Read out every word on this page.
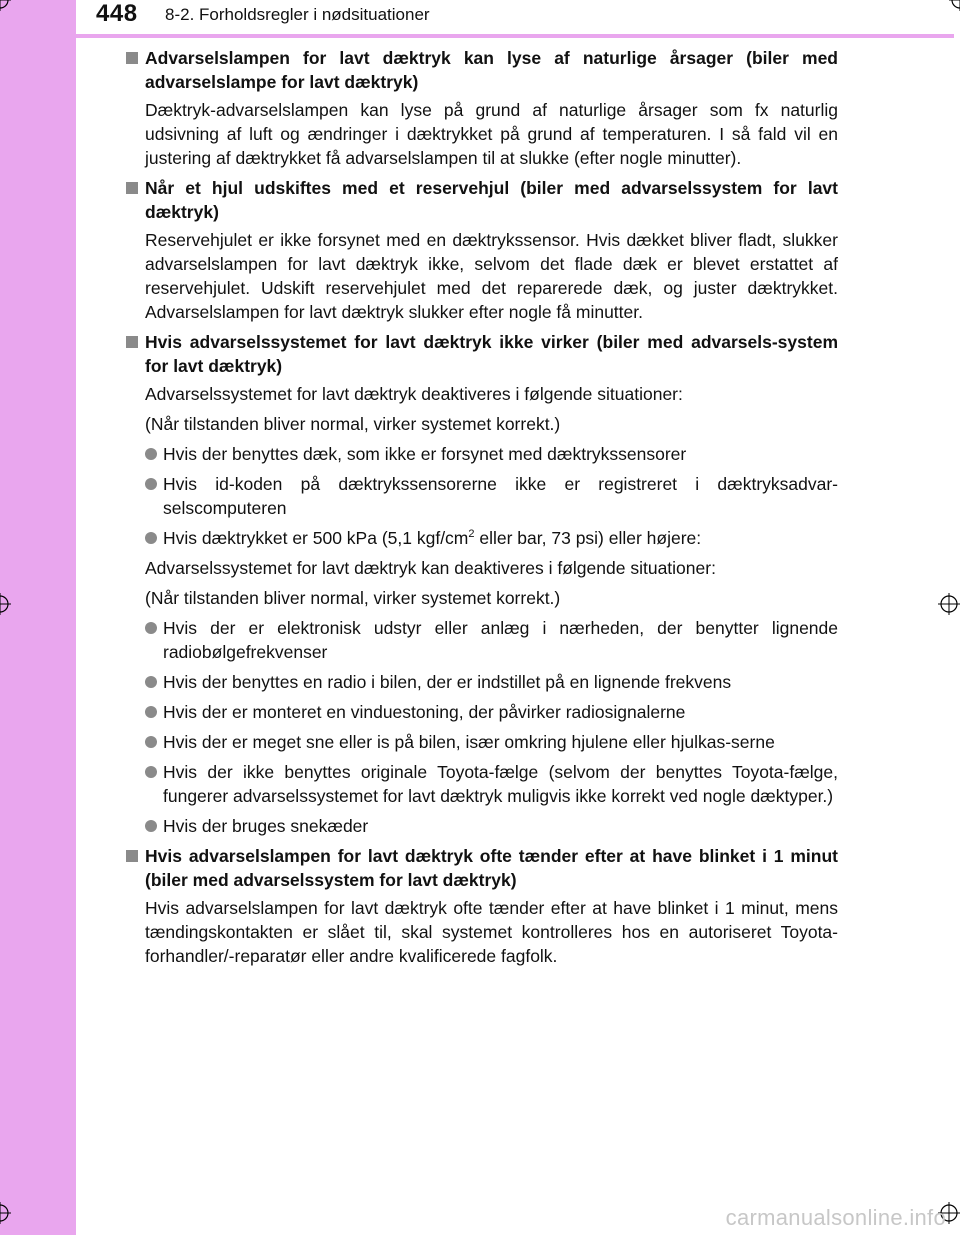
448 8-2. Forholdsregler i nødsituationer
Advarselslampen for lavt dæktryk kan lyse af naturlige årsager (biler med advarselslampe for lavt dæktryk)
Dæktryk-advarselslampen kan lyse på grund af naturlige årsager som fx naturlig udsivning af luft og ændringer i dæktrykket på grund af temperaturen. I så fald vil en justering af dæktrykket få advarselslampen til at slukke (efter nogle minutter).
Når et hjul udskiftes med et reservehjul (biler med advarselssystem for lavt dæktryk)
Reservehjulet er ikke forsynet med en dæktrykssensor. Hvis dækket bliver fladt, slukker advarselslampen for lavt dæktryk ikke, selvom det flade dæk er blevet erstattet af reservehjulet. Udskift reservehjulet med det reparerede dæk, og juster dæktrykket. Advarselslampen for lavt dæktryk slukker efter nogle få minutter.
Hvis advarselssystemet for lavt dæktryk ikke virker (biler med advarsels-system for lavt dæktryk)
Advarselssystemet for lavt dæktryk deaktiveres i følgende situationer:
(Når tilstanden bliver normal, virker systemet korrekt.)
Hvis der benyttes dæk, som ikke er forsynet med dæktrykssensorer
Hvis id-koden på dæktrykssensorerne ikke er registreret i dæktryksadvar-selscomputeren
Hvis dæktrykket er 500 kPa (5,1 kgf/$cm^2$ eller bar, 73 psi) eller højere:
Advarselssystemet for lavt dæktryk kan deaktiveres i følgende situationer:
(Når tilstanden bliver normal, virker systemet korrekt.)
Hvis der er elektronisk udstyr eller anlæg i nærheden, der benytter lignende radiobølgefrekvenser
Hvis der benyttes en radio i bilen, der er indstillet på en lignende frekvens
Hvis der er monteret en vinduestoning, der påvirker radiosignalerne
Hvis der er meget sne eller is på bilen, især omkring hjulene eller hjulkas-serne
Hvis der ikke benyttes originale Toyota-fælge (selvom der benyttes Toyota-fælge, fungerer advarselssystemet for lavt dæktryk muligvis ikke korrekt ved nogle dæktyper.)
Hvis der bruges snekæder
Hvis advarselslampen for lavt dæktryk ofte tænder efter at have blinket i 1 minut (biler med advarselssystem for lavt dæktryk)
Hvis advarselslampen for lavt dæktryk ofte tænder efter at have blinket i 1 minut, mens tændingskontakten er slået til, skal systemet kontrolleres hos en autoriseret Toyota-forhandler/-reparatør eller andre kvalificerede fagfolk.
carmanualsonline.info
